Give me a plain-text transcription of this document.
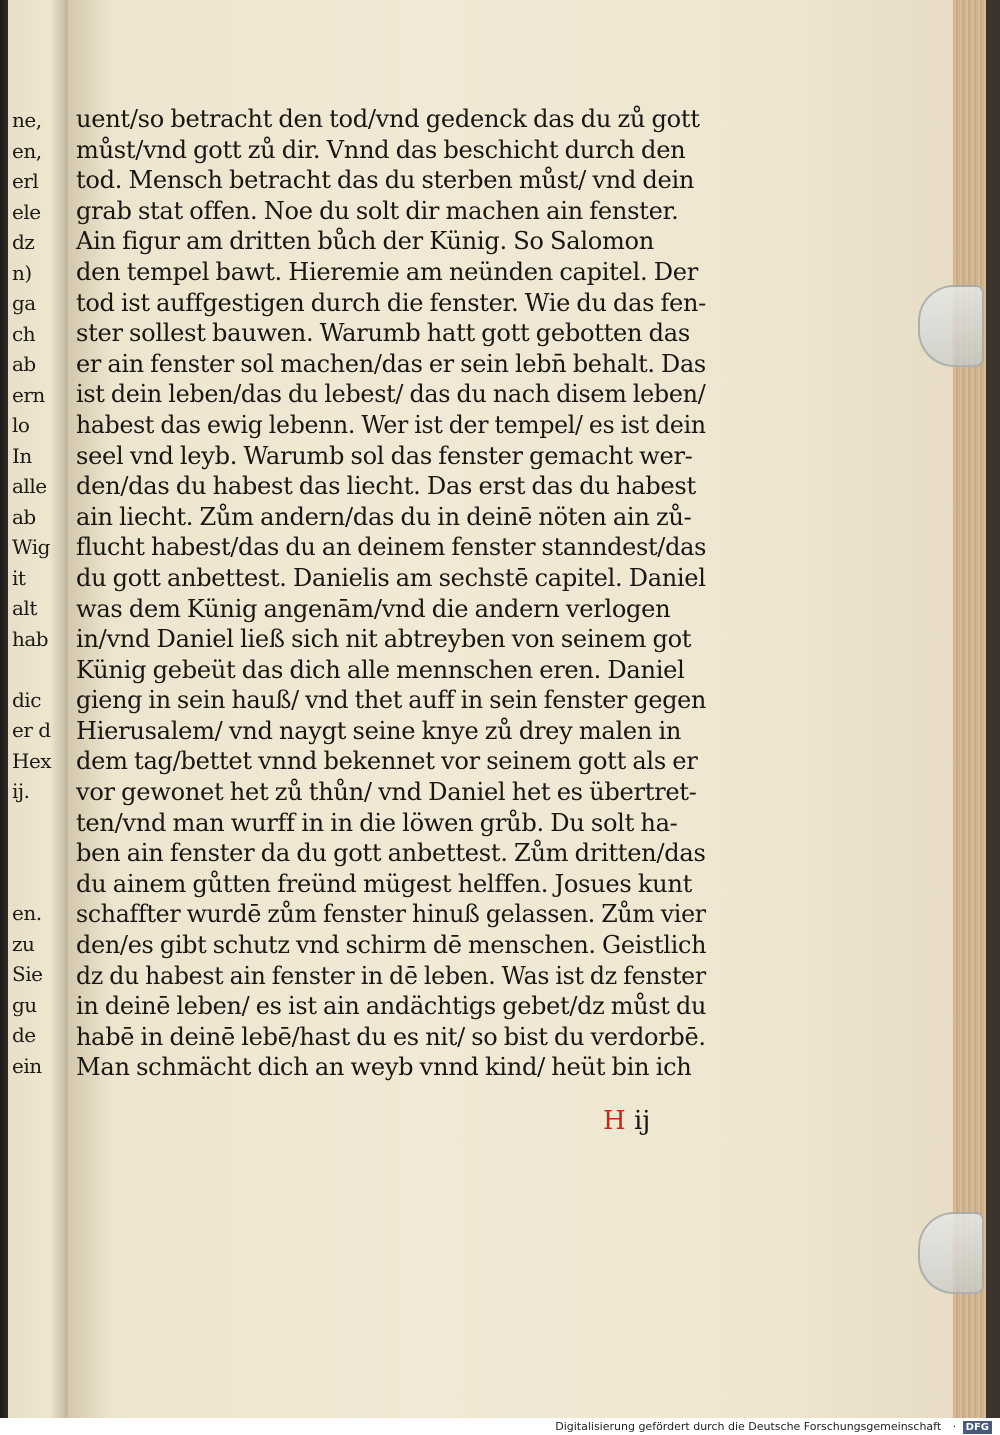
ne,
en,
erl
ele
dz
n)
ga
ch
ab
ern
lo
In
alle
ab
Wig
it
alt
hab
dic
er d
Hex
ij.
en.
zu
Sie
gu
de
ein
uent/so betracht den tod/vnd gedenck das du zů gott
můst/vnd gott zů dir. Vnnd das beschicht durch den
tod. Mensch betracht das du sterben můst/ vnd dein
grab stat offen. Noe du solt dir machen ain fenster.
Ain figur am dritten bůch der Künig. So Salomon
den tempel bawt. Hieremie am neünden capitel. Der
tod ist auffgestigen durch die fenster. Wie du das fen-
ster sollest bauwen. Warumb hatt gott gebotten das
er ain fenster sol machen/das er sein lebn̄ behalt. Das
ist dein leben/das du lebest/ das du nach disem leben/
habest das ewig lebenn. Wer ist der tempel/ es ist dein
seel vnd leyb. Warumb sol das fenster gemacht wer-
den/das du habest das liecht. Das erst das du habest
ain liecht. Zům andern/das du in deinē nöten ain zů-
flucht habest/das du an deinem fenster stanndest/das
du gott anbettest. Danielis am sechstē capitel. Daniel
was dem Künig angenām/vnd die andern verlogen
in/vnd Daniel ließ sich nit abtreyben von seinem got
Künig gebeüt das dich alle mennschen eren. Daniel
gieng in sein hauß/ vnd thet auff in sein fenster gegen
Hierusalem/ vnd naygt seine knye zů drey malen in
dem tag/bettet vnnd bekennet vor seinem gott als er
vor gewonet het zů thůn/ vnd Daniel het es übertret-
ten/vnd man wurff in in die löwen grůb. Du solt ha-
ben ain fenster da du gott anbettest. Zům dritten/das
du ainem gůtten freünd mügest helffen. Josues kunt
schaffter wurdē zům fenster hinuß gelassen. Zům vier
den/es gibt schutz vnd schirm dē menschen. Geistlich
dz du habest ain fenster in dē leben. Was ist dz fenster
in deinē leben/ es ist ain andächtigs gebet/dz můst du
habē in deinē lebē/hast du es nit/ so bist du verdorbē.
Man schmächt dich an weyb vnnd kind/ heüt bin ich
H ij
Digitalisierung gefördert durch die Deutsche Forschungsgemeinschaft · DFG
